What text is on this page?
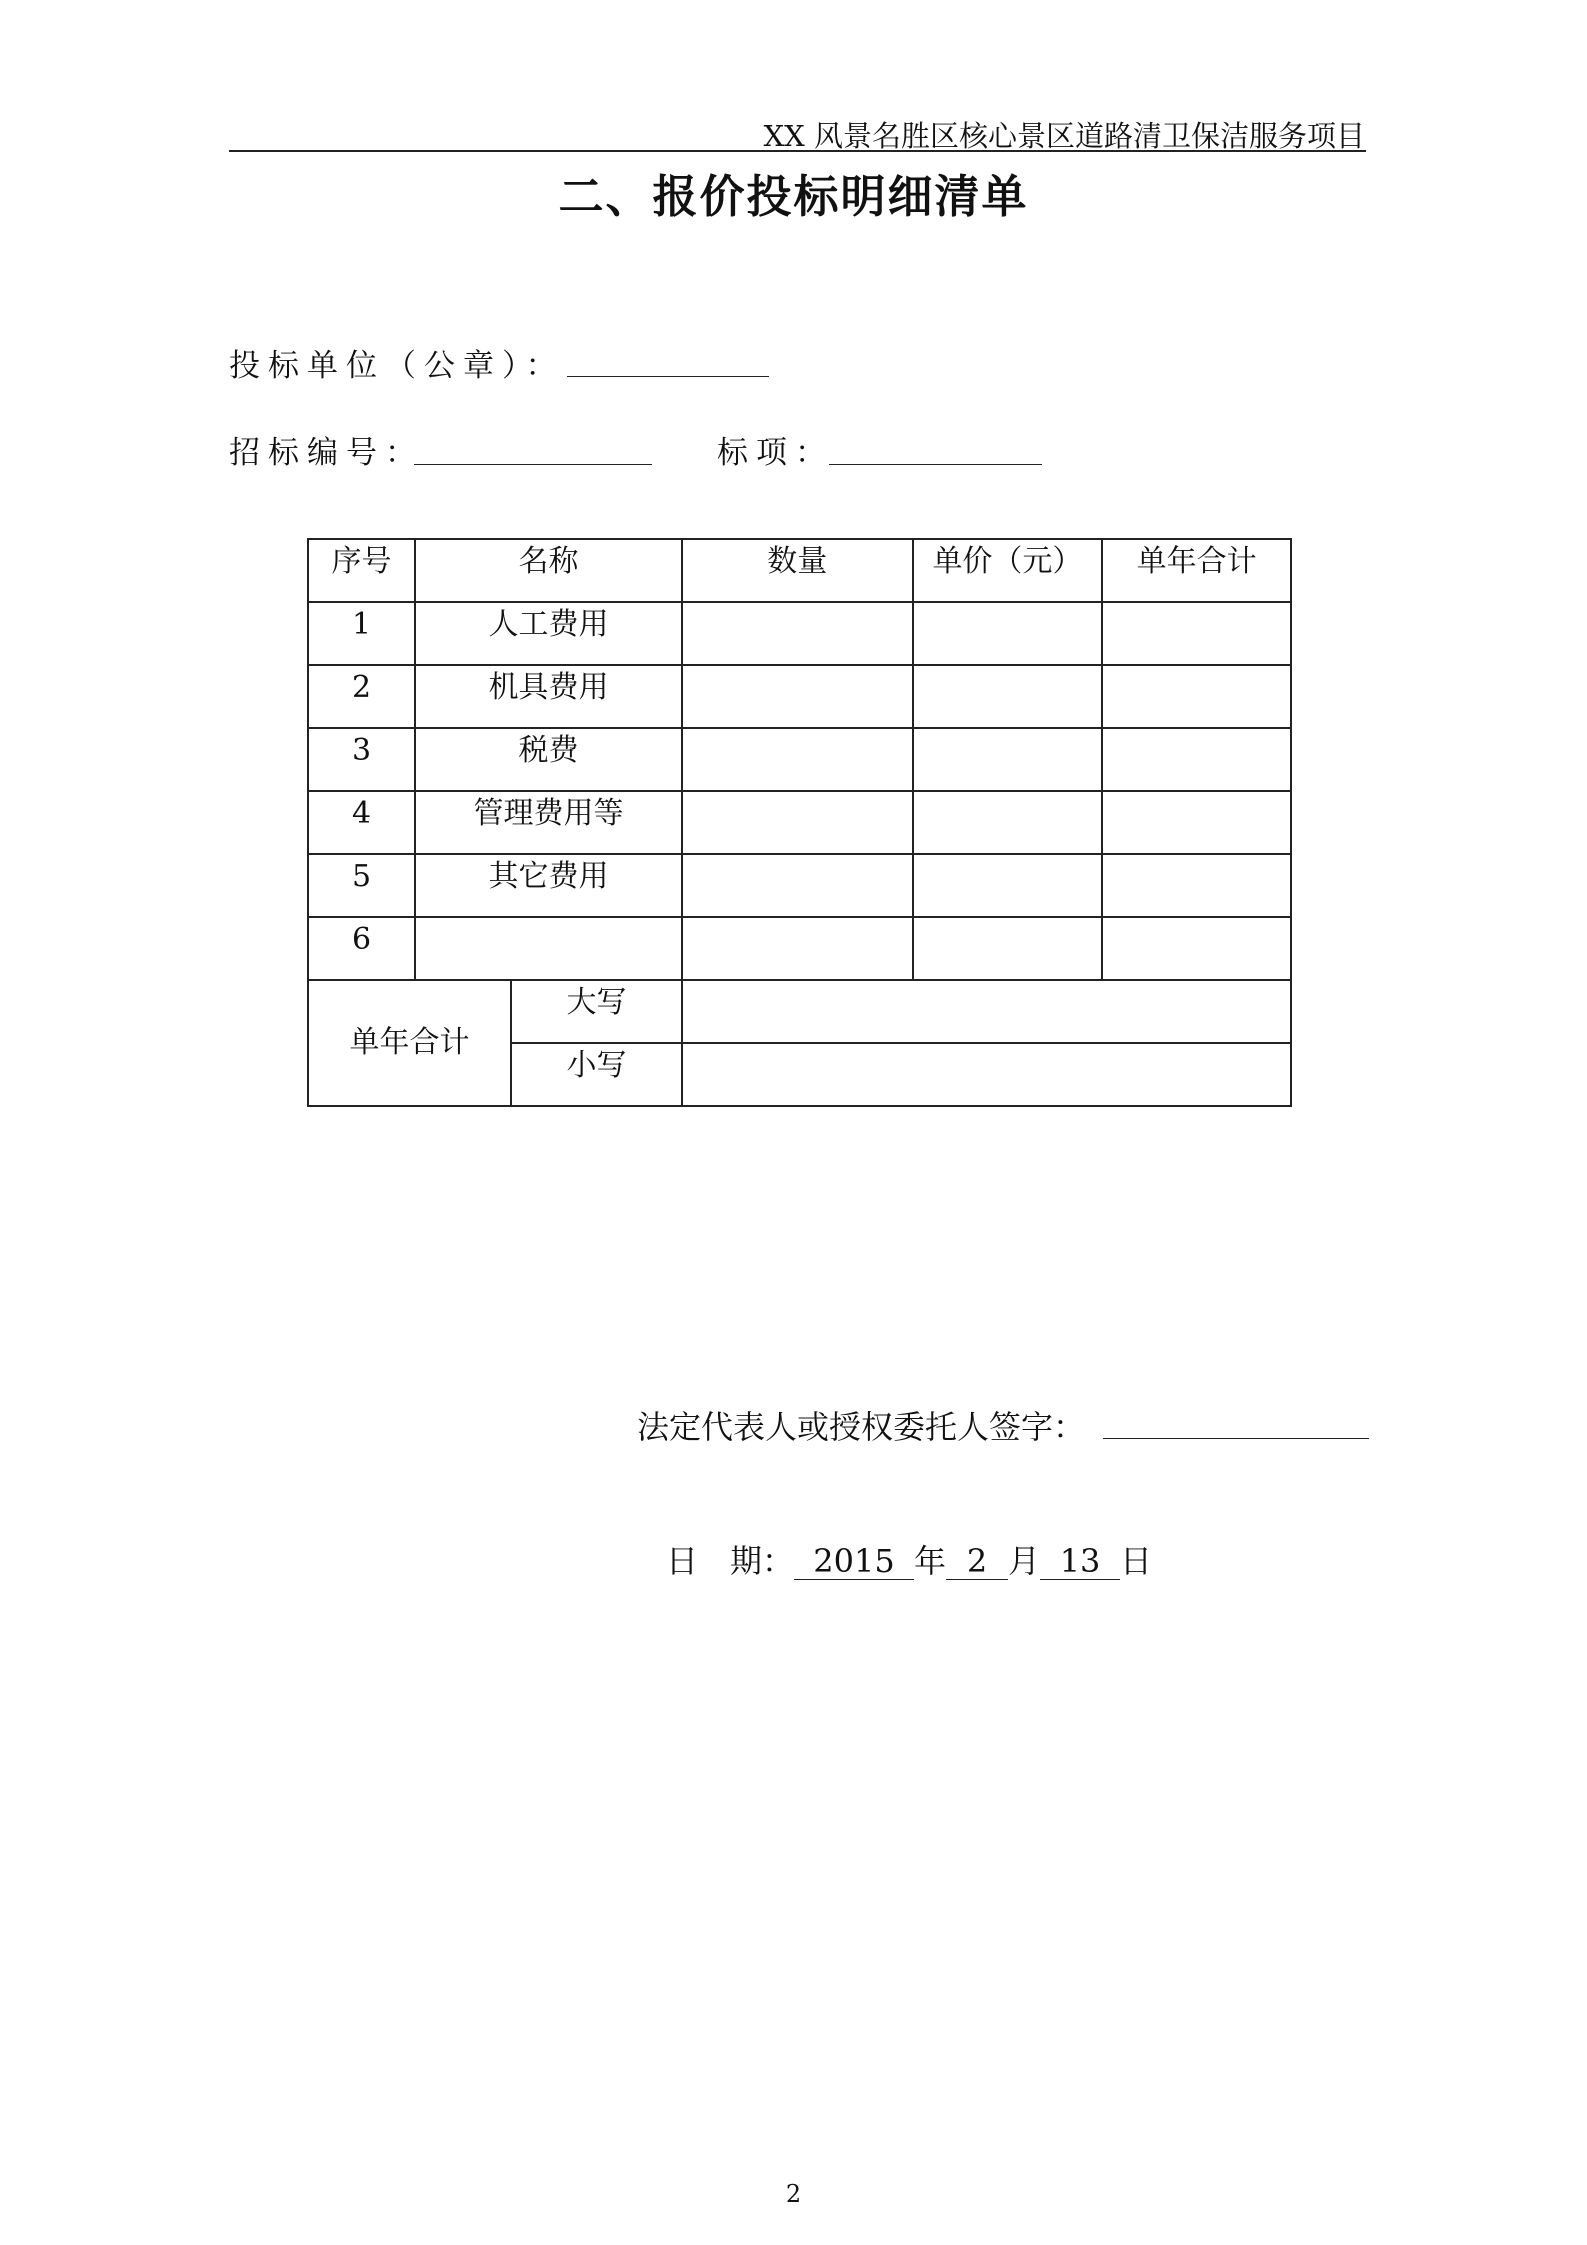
XX 风景名胜区核心景区道路清卫保洁服务项目
二、报价投标明细清单
投标单位（公章）：
招标编号：	标项：
序号	名称		数量	单价（元）	单年合计
1	人工费用				
2	机具费用				
3	税费				
4	管理费用等				
5	其它费用				
6					
单年合计		大写			
		小写			
法定代表人或授权委托人签字：
日　期： 2015 年 2 月 13 日
2
